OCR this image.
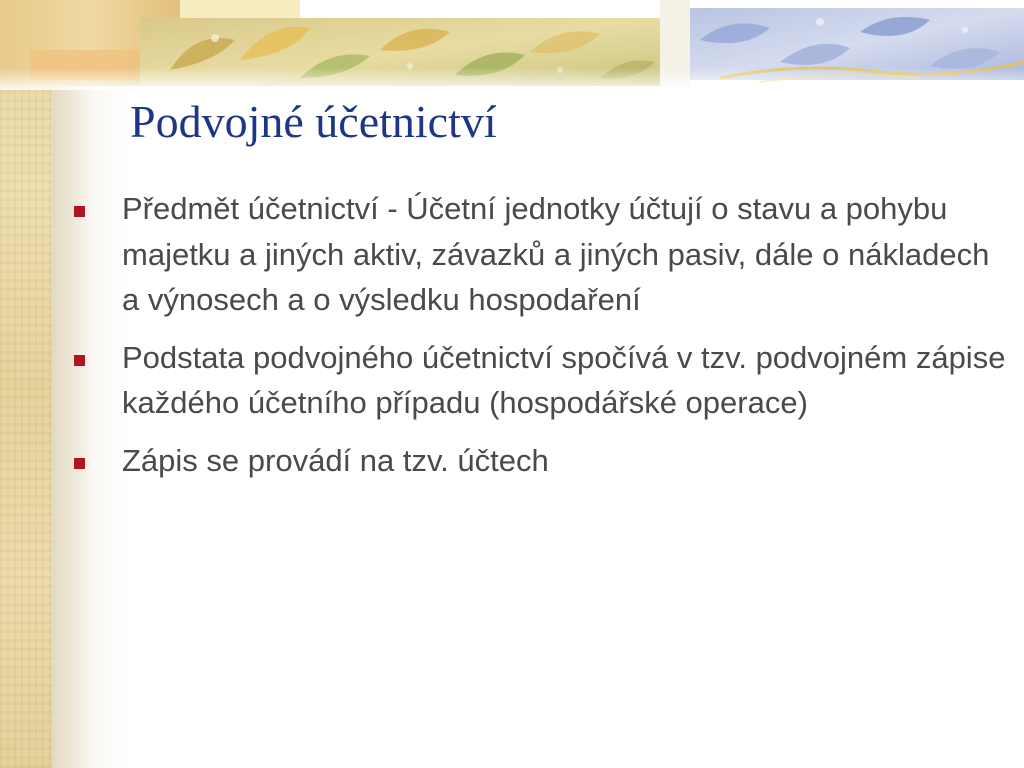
Podvojné účetnictví
Předmět účetnictví - Účetní jednotky účtují o stavu a pohybu majetku a jiných aktiv, závazků a jiných pasiv, dále o nákladech a výnosech a o výsledku hospodaření
Podstata podvojného účetnictví spočívá v tzv. podvojném zápise každého účetního případu (hospodářské operace)
Zápis se provádí na tzv. účtech
